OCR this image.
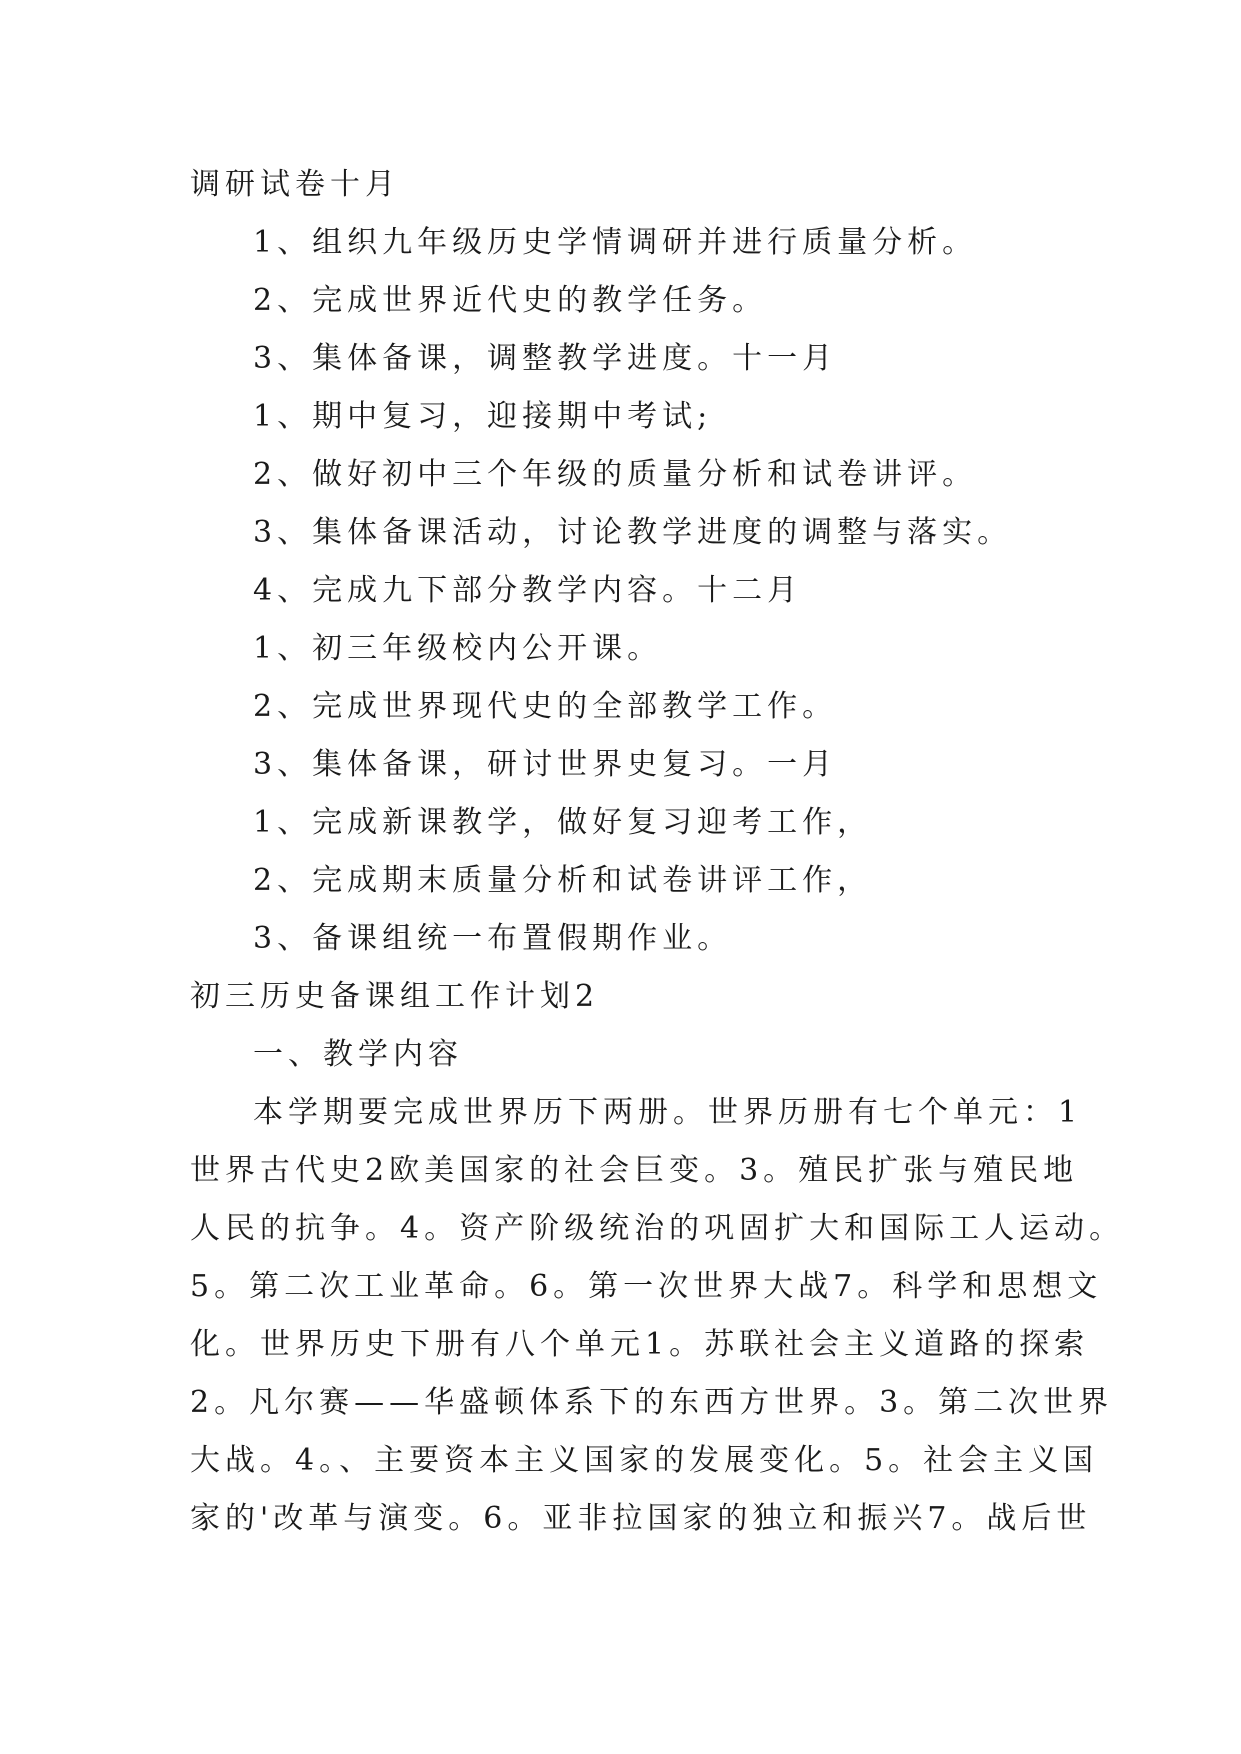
调研试卷十月
1、组织九年级历史学情调研并进行质量分析。
2、完成世界近代史的教学任务。
3、集体备课，调整教学进度。十一月
1、期中复习，迎接期中考试;
2、做好初中三个年级的质量分析和试卷讲评。
3、集体备课活动，讨论教学进度的调整与落实。
4、完成九下部分教学内容。十二月
1、初三年级校内公开课。
2、完成世界现代史的全部教学工作。
3、集体备课，研讨世界史复习。一月
1、完成新课教学，做好复习迎考工作，
2、完成期末质量分析和试卷讲评工作，
3、备课组统一布置假期作业。
初三历史备课组工作计划2
一、教学内容
本学期要完成世界历下两册。世界历册有七个单元：1
世界古代史2欧美国家的社会巨变。3。殖民扩张与殖民地
人民的抗争。4。资产阶级统治的巩固扩大和国际工人运动。
5。第二次工业革命。6。第一次世界大战7。科学和思想文
化。世界历史下册有八个单元1。苏联社会主义道路的探索
2。凡尔赛——华盛顿体系下的东西方世界。3。第二次世界
大战。4。、主要资本主义国家的发展变化。5。社会主义国
家的'改革与演变。6。亚非拉国家的独立和振兴7。战后世
